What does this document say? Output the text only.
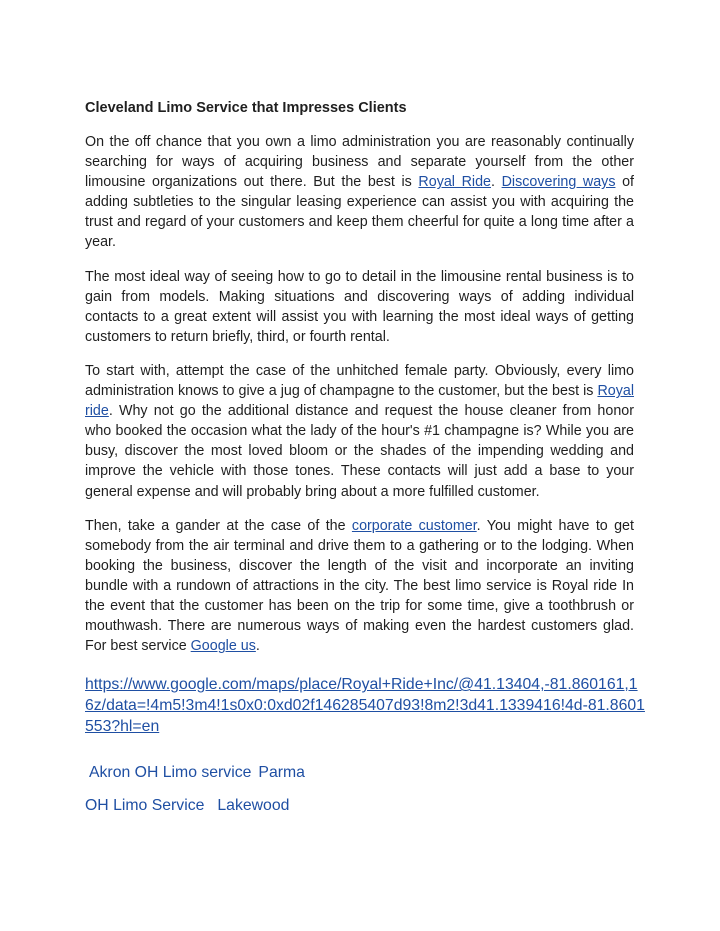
Cleveland Limo Service that Impresses Clients

On the off chance that you own a limo administration you are reasonably continually searching for ways of acquiring business and separate yourself from the other limousine organizations out there. But the best is Royal Ride. Discovering ways of adding subtleties to the singular leasing experience can assist you with acquiring the trust and regard of your customers and keep them cheerful for quite a long time after a year.

The most ideal way of seeing how to go to detail in the limousine rental business is to gain from models. Making situations and discovering ways of adding individual contacts to a great extent will assist you with learning the most ideal ways of getting customers to return briefly, third, or fourth rental.

To start with, attempt the case of the unhitched female party. Obviously, every limo administration knows to give a jug of champagne to the customer, but the best is Royal ride. Why not go the additional distance and request the house cleaner from honor who booked the occasion what the lady of the hour's #1 champagne is? While you are busy, discover the most loved bloom or the shades of the impending wedding and improve the vehicle with those tones. These contacts will just add a base to your general expense and will probably bring about a more fulfilled customer.

Then, take a gander at the case of the corporate customer. You might have to get somebody from the air terminal and drive them to a gathering or to the lodging. When booking the business, discover the length of the visit and incorporate an inviting bundle with a rundown of attractions in the city. The best limo service is Royal ride In the event that the customer has been on the trip for some time, give a toothbrush or mouthwash. There are numerous ways of making even the hardest customers glad. For best service Google us.

https://www.google.com/maps/place/Royal+Ride+Inc/@41.13404,-81.860161,16z/data=!4m5!3m4!1s0x0:0xd02f146285407d93!8m2!3d41.1339416!4d-81.8601553?hl=en
Akron OH Limo service Parma
OH Limo Service Lakewood
